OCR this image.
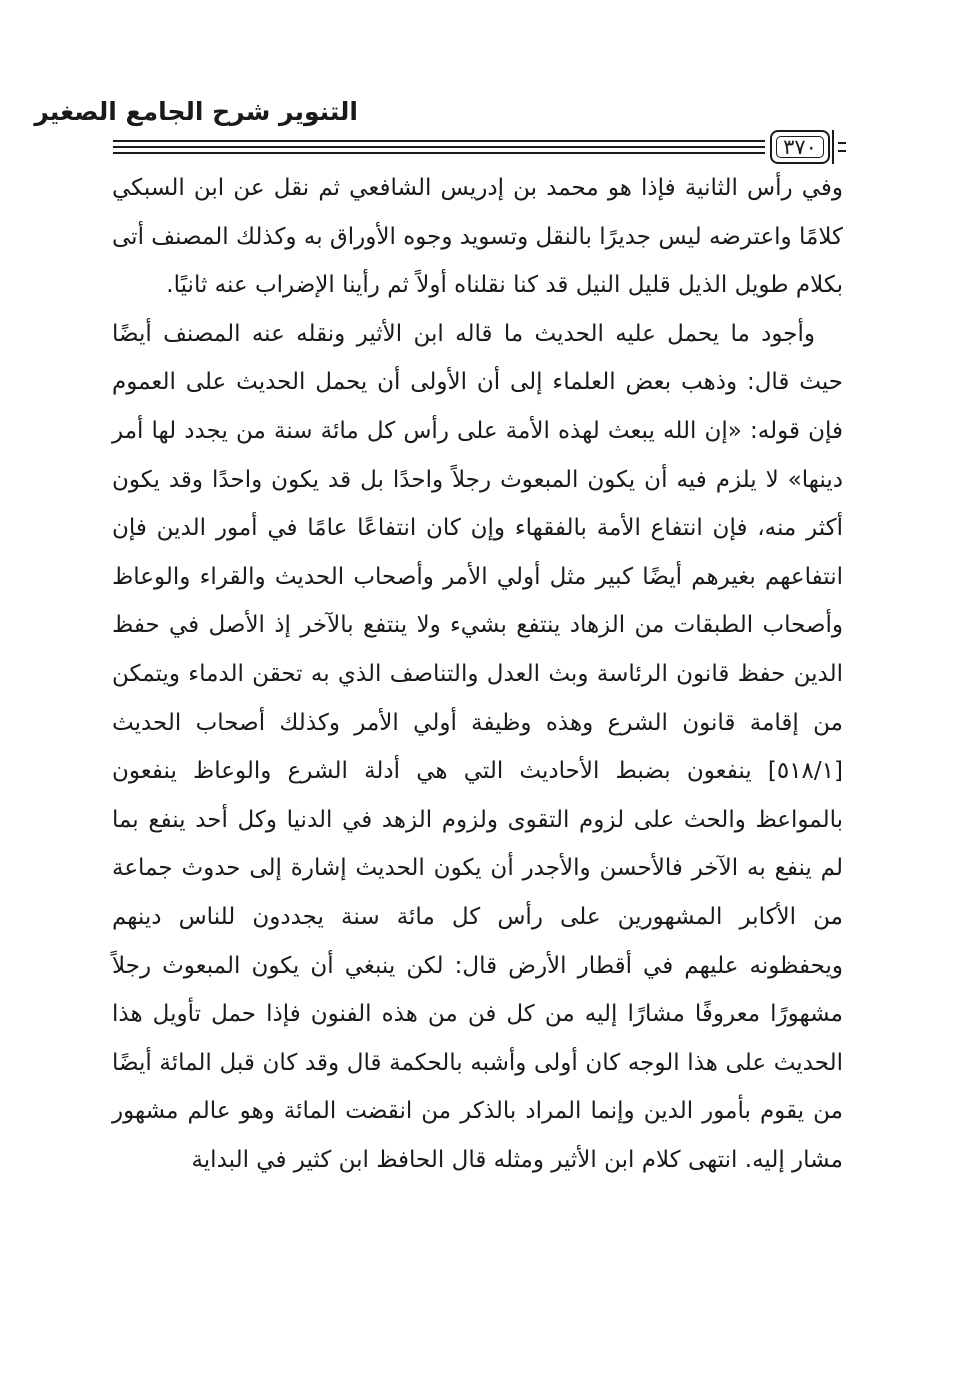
التنوير شرح الجامع الصغير
٣٧٠

وفي رأس الثانية فإذا هو محمد بن إدريس الشافعي ثم نقل عن ابن السبكي كلامًا واعترضه ليس جديرًا بالنقل وتسويد وجوه الأوراق به وكذلك المصنف أتى بكلام طويل الذيل قليل النيل قد كنا نقلناه أولاً ثم رأينا الإضراب عنه ثانيًا.

وأجود ما يحمل عليه الحديث ما قاله ابن الأثير ونقله عنه المصنف أيضًا حيث قال: وذهب بعض العلماء إلى أن الأولى أن يحمل الحديث على العموم فإن قوله: «إن الله يبعث لهذه الأمة على رأس كل مائة سنة من يجدد لها أمر دينها» لا يلزم فيه أن يكون المبعوث رجلاً واحدًا بل قد يكون واحدًا وقد يكون أكثر منه، فإن انتفاع الأمة بالفقهاء وإن كان انتفاعًا عامًا في أمور الدين فإن انتفاعهم بغيرهم أيضًا كبير مثل أولي الأمر وأصحاب الحديث والقراء والوعاظ وأصحاب الطبقات من الزهاد ينتفع بشيء ولا ينتفع بالآخر إذ الأصل في حفظ الدين حفظ قانون الرئاسة وبث العدل والتناصف الذي به تحقن الدماء ويتمكن من إقامة قانون الشرع وهذه وظيفة أولي الأمر وكذلك أصحاب الحديث [٥١٨/١] ينفعون بضبط الأحاديث التي هي أدلة الشرع والوعاظ ينفعون بالمواعظ والحث على لزوم التقوى ولزوم الزهد في الدنيا وكل أحد ينفع بما لم ينفع به الآخر فالأحسن والأجدر أن يكون الحديث إشارة إلى حدوث جماعة من الأكابر المشهورين على رأس كل مائة سنة يجددون للناس دينهم ويحفظونه عليهم في أقطار الأرض قال: لكن ينبغي أن يكون المبعوث رجلاً مشهورًا معروفًا مشارًا إليه من كل فن من هذه الفنون فإذا حمل تأويل هذا الحديث على هذا الوجه كان أولى وأشبه بالحكمة قال وقد كان قبل المائة أيضًا من يقوم بأمور الدين وإنما المراد بالذكر من انقضت المائة وهو عالم مشهور مشار إليه. انتهى كلام ابن الأثير ومثله قال الحافظ ابن كثير في البداية
